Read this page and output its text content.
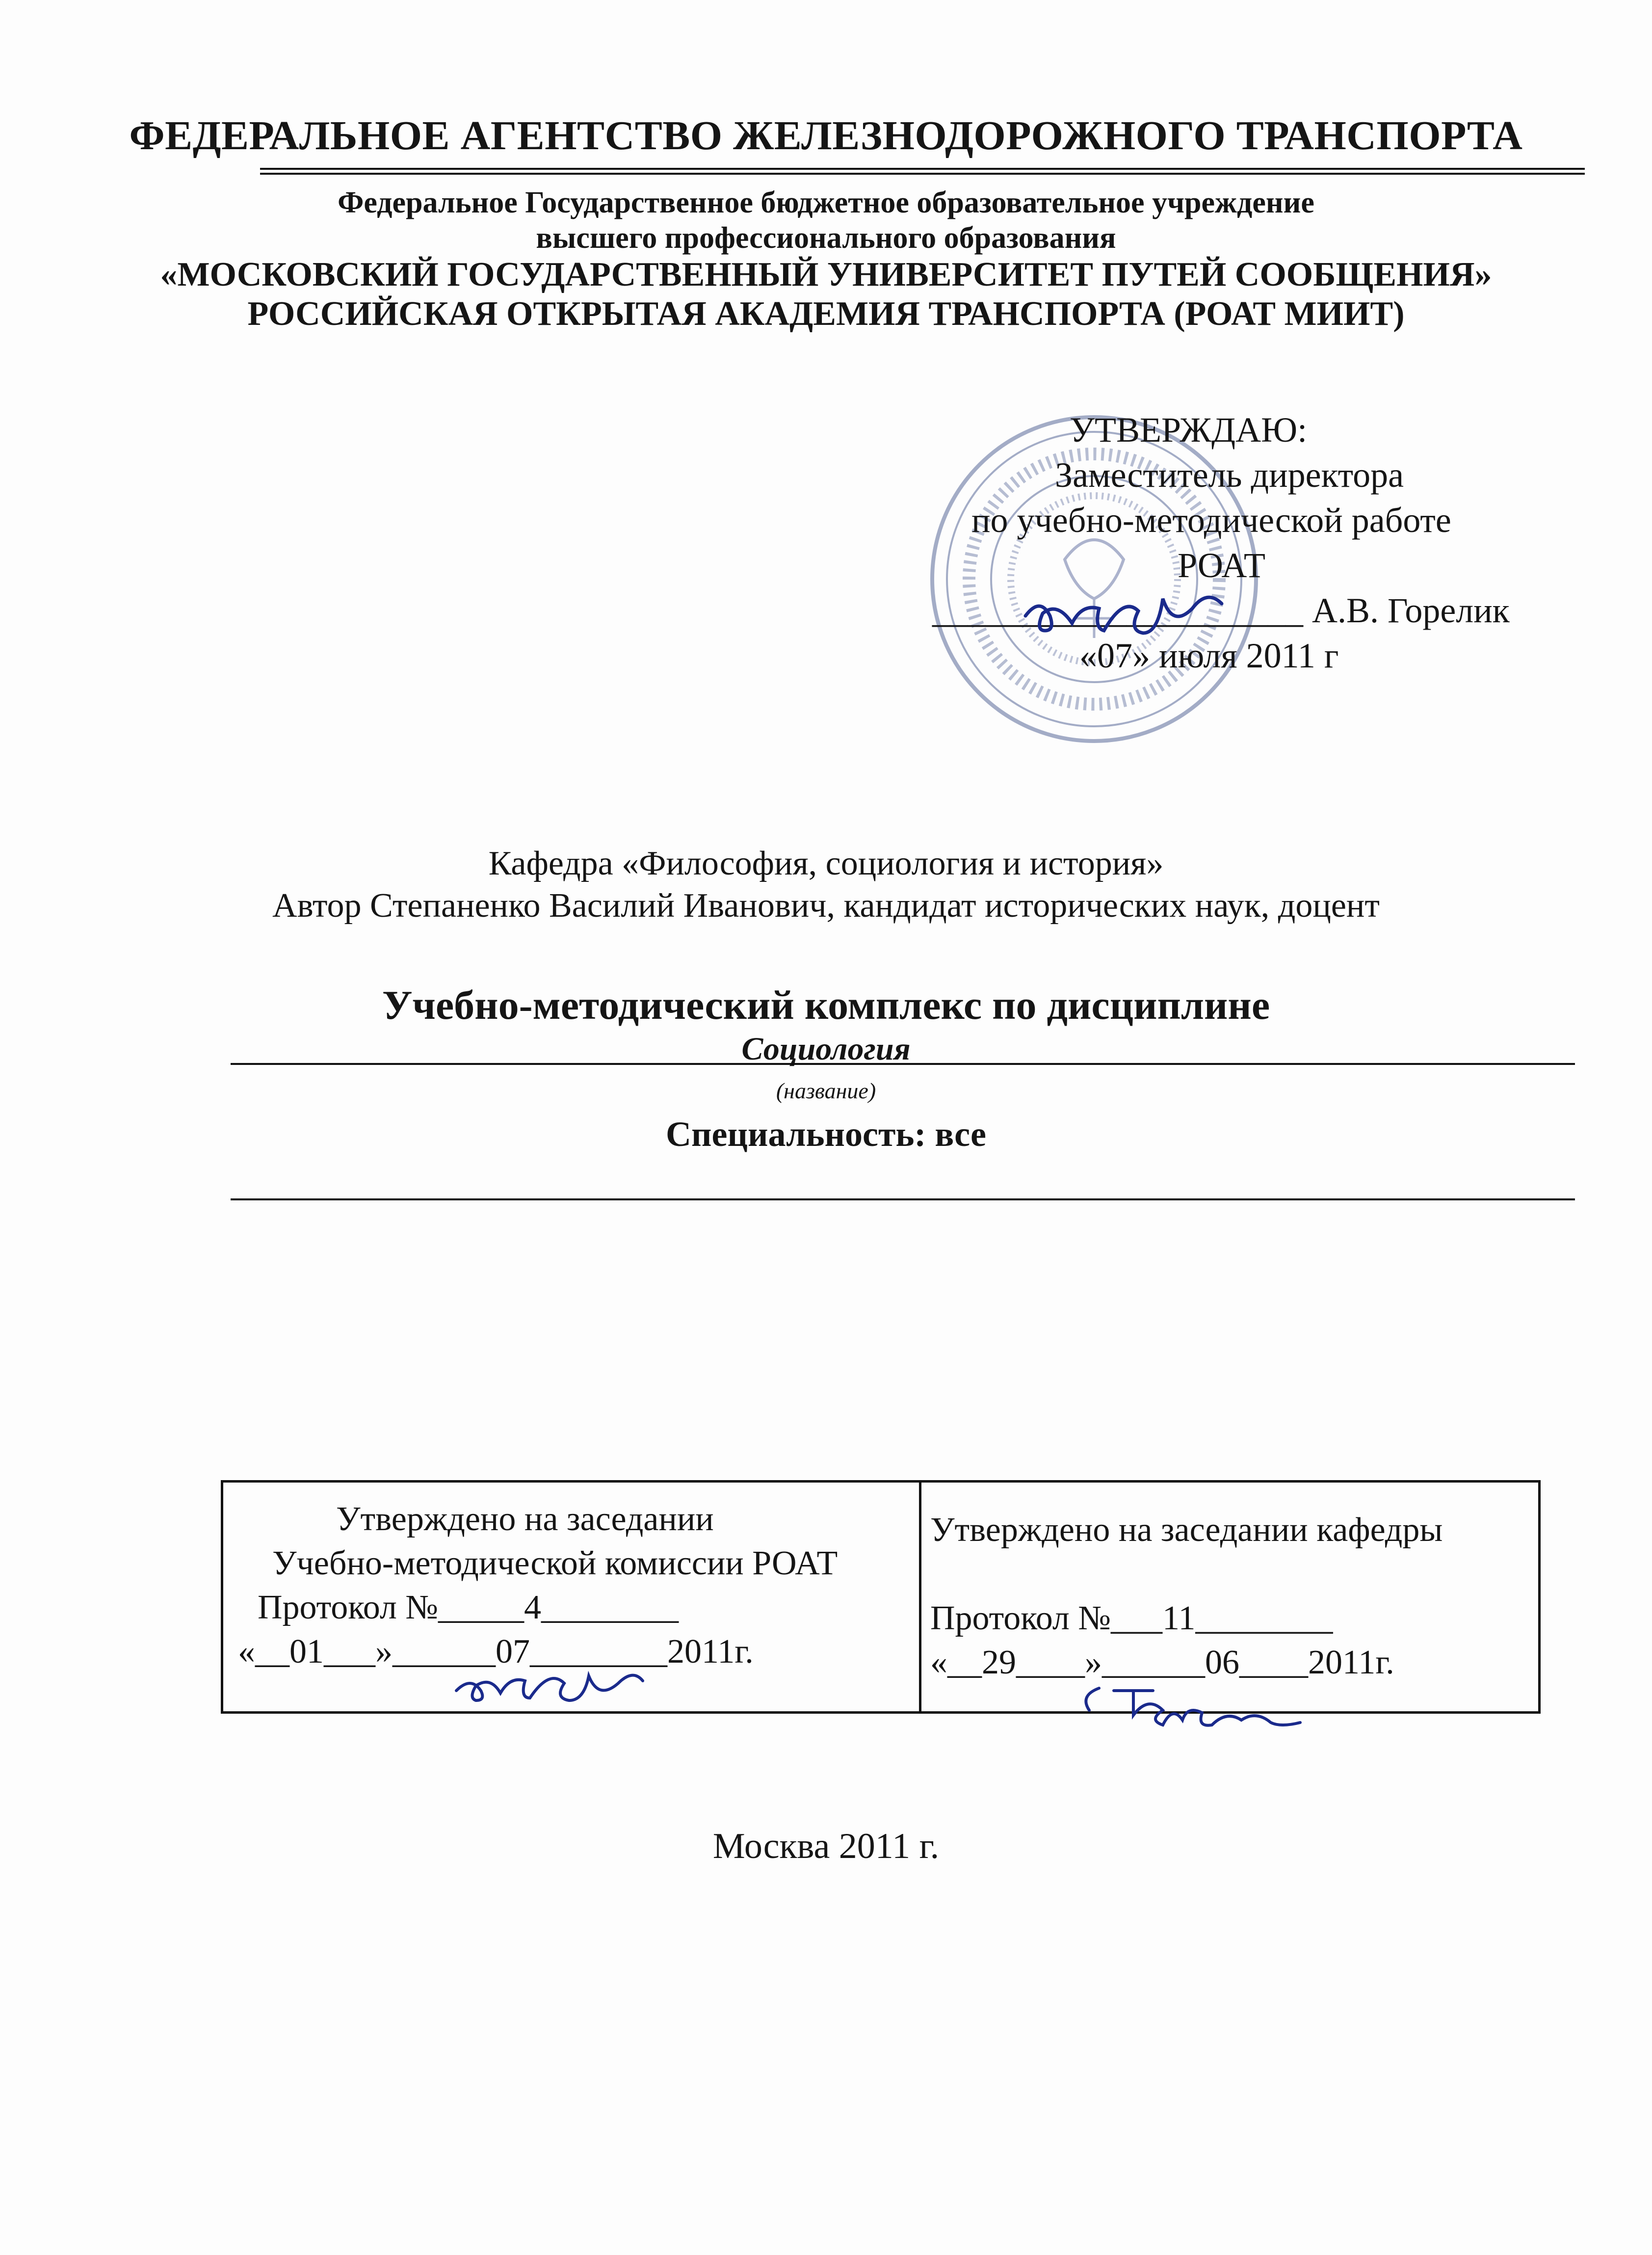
ФЕДЕРАЛЬНОЕ АГЕНТСТВО ЖЕЛЕЗНОДОРОЖНОГО ТРАНСПОРТА
Федеральное Государственное бюджетное образовательное учреждение
высшего профессионального образования
«МОСКОВСКИЙ ГОСУДАРСТВЕННЫЙ УНИВЕРСИТЕТ ПУТЕЙ СООБЩЕНИЯ»
РОССИЙСКАЯ ОТКРЫТАЯ АКАДЕМИЯ ТРАНСПОРТА (РОАТ МИИТ)
УТВЕРЖДАЮ:
Заместитель директора
по учебно-методической работе
РОАТ
_____________________ А.В. Горелик
«07» июля 2011 г
Кафедра «Философия, социология и история»
Автор Степаненко Василий Иванович, кандидат исторических наук, доцент
Учебно-методический комплекс по дисциплине
Социология
(название)
Специальность: все
Утверждено на заседании
Учебно-методической комиссии РОАТ
Протокол №_____4________
«__01___»______07________2011г.
Утверждено на заседании кафедры
Протокол №___11________
«__29____»______06____2011г.
Москва 2011 г.
